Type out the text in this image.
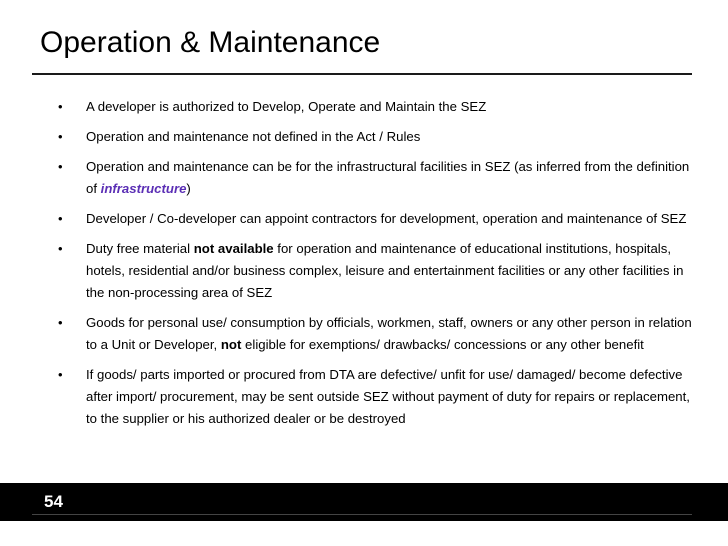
Operation & Maintenance
• A developer is authorized to Develop, Operate and Maintain the SEZ
• Operation and maintenance not defined in the Act / Rules
• Operation and maintenance can be for the infrastructural facilities in SEZ (as inferred from the definition of infrastructure)
• Developer / Co-developer can appoint contractors for development, operation and maintenance of SEZ
• Duty free material not available for operation and maintenance of educational institutions, hospitals, hotels, residential and/or business complex, leisure and entertainment facilities or any other facilities in the non-processing area of SEZ
• Goods for personal use/ consumption by officials, workmen, staff, owners or any other person in relation to a Unit or Developer, not eligible for exemptions/ drawbacks/ concessions or any other benefit
• If goods/ parts imported or procured from DTA are defective/ unfit for use/ damaged/ become defective after import/ procurement, may be sent outside SEZ without payment of duty for repairs or replacement, to the supplier or his authorized dealer or be destroyed
54
